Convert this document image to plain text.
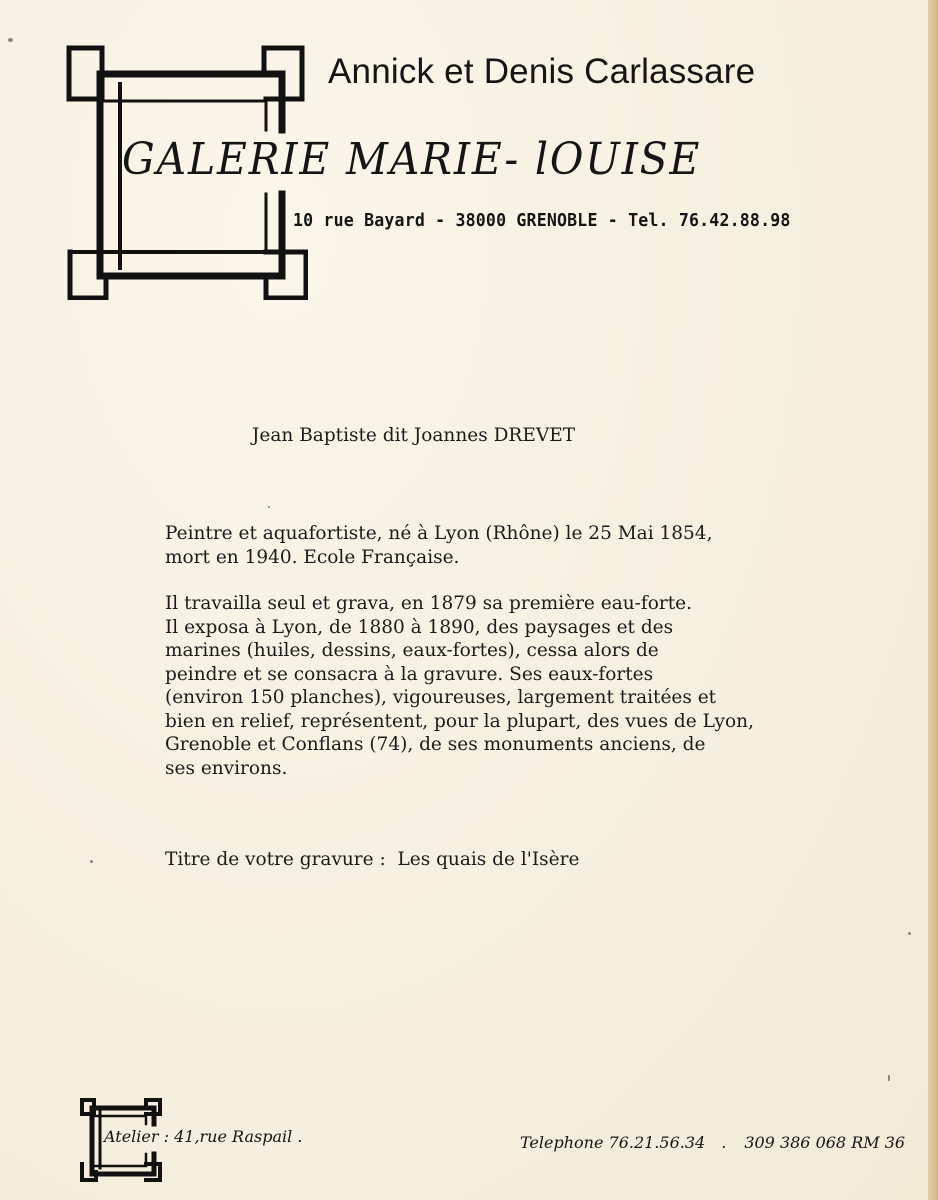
Annick et Denis Carlassare
GALERIE MARIE- lOUISE
10 rue Bayard - 38000 GRENOBLE - Tel. 76.42.88.98
Jean Baptiste dit Joannes DREVET
Peintre et aquafortiste, né à Lyon (Rhône) le 25 Mai 1854,
mort en 1940. Ecole Française.
Il travailla seul et grava, en 1879 sa première eau-forte.
Il exposa à Lyon, de 1880 à 1890, des paysages et des
marines (huiles, dessins, eaux-fortes), cessa alors de
peindre et se consacra à la gravure. Ses eaux-fortes
(environ 150 planches), vigoureuses, largement traitées et
bien en relief, représentent, pour la plupart, des vues de Lyon,
Grenoble et Conflans (74), de ses monuments anciens, de
ses environs.
Titre de votre gravure : Les quais de l'Isère
Atelier : 41,rue Raspail .	Telephone 76.21.56.34 . 309 386 068 RM 36
